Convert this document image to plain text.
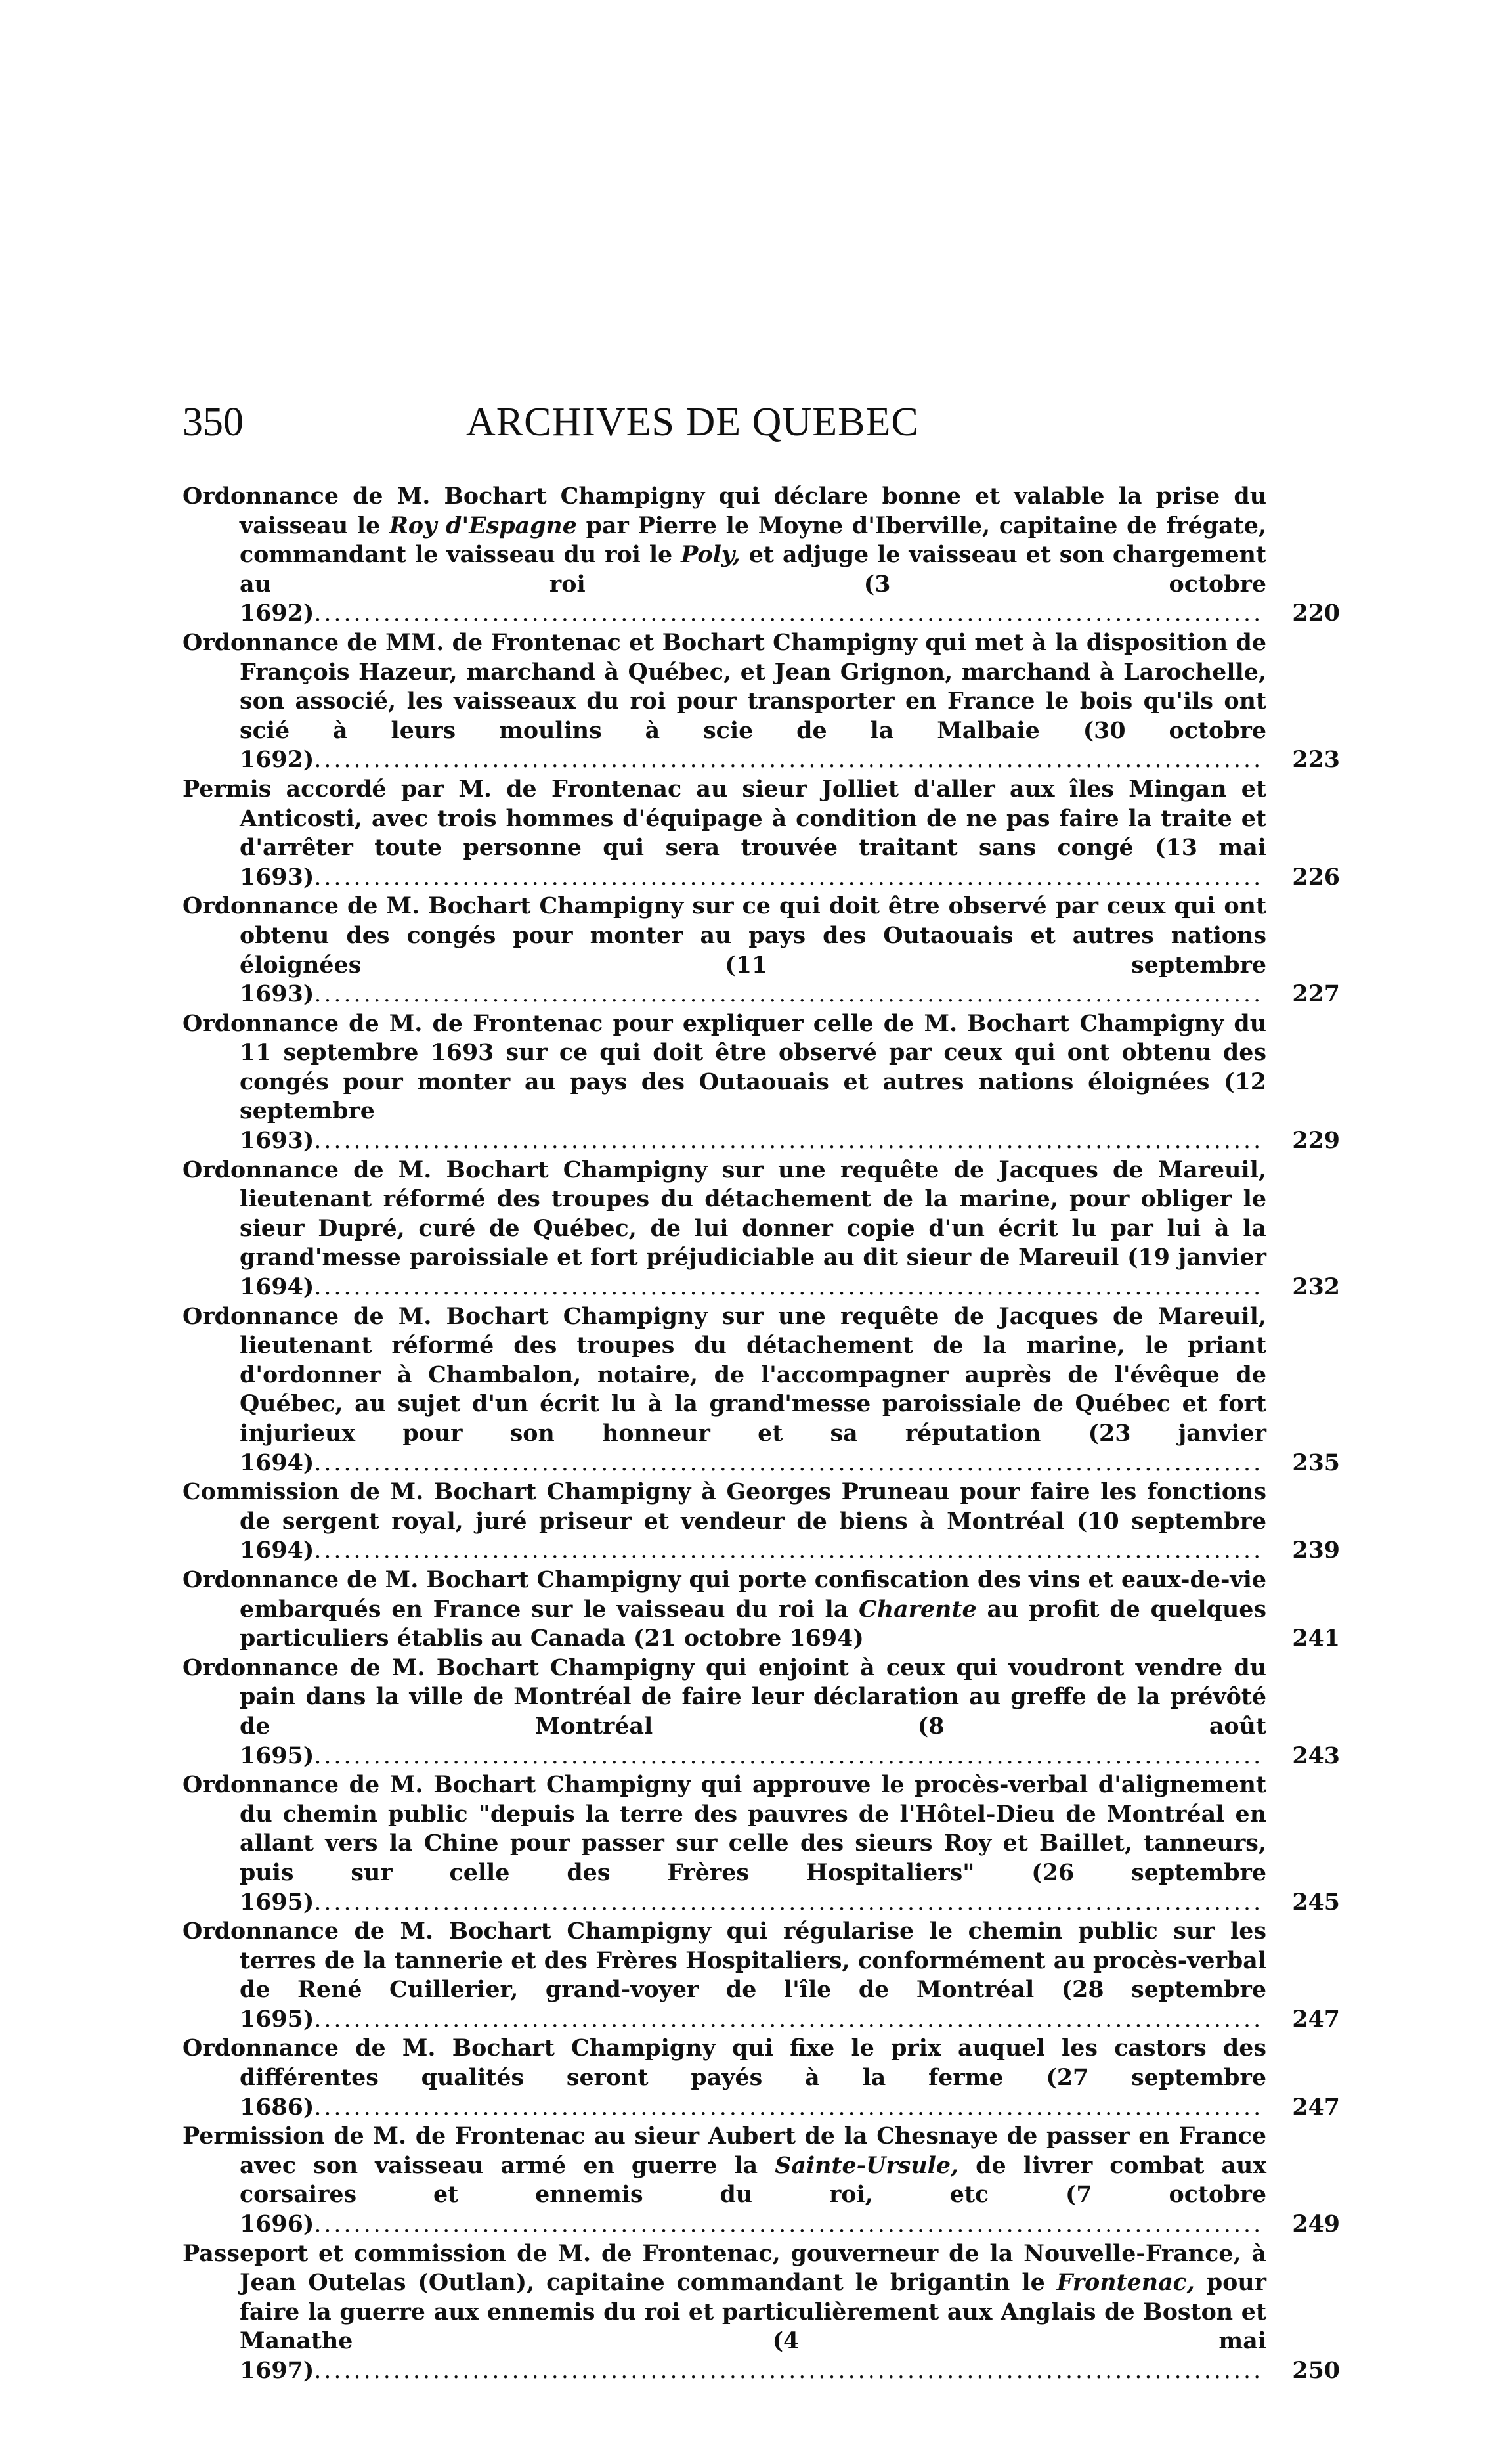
350	ARCHIVES DE QUEBEC
Ordonnance de M. Bochart Champigny qui déclare bonne et valable la prise du vaisseau le Roy d'Espagne par Pierre le Moyne d'Iberville, capitaine de frégate, commandant le vaisseau du roi le Poly, et adjuge le vaisseau et son chargement au roi (3 octobre 1692)................................................................................................	220
Ordonnance de MM. de Frontenac et Bochart Champigny qui met à la disposition de François Hazeur, marchand à Québec, et Jean Grignon, marchand à Larochelle, son associé, les vaisseaux du roi pour transporter en France le bois qu'ils ont scié à leurs moulins à scie de la Malbaie (30 octobre 1692)................................................................................................	223
Permis accordé par M. de Frontenac au sieur Jolliet d'aller aux îles Mingan et Anticosti, avec trois hommes d'équipage à condition de ne pas faire la traite et d'arrêter toute personne qui sera trouvée traitant sans congé (13 mai 1693)................................................................................................	226
Ordonnance de M. Bochart Champigny sur ce qui doit être observé par ceux qui ont obtenu des congés pour monter au pays des Outaouais et autres nations éloignées (11 septembre 1693)................................................................................................	227
Ordonnance de M. de Frontenac pour expliquer celle de M. Bochart Champigny du 11 septembre 1693 sur ce qui doit être observé par ceux qui ont obtenu des congés pour monter au pays des Outaouais et autres nations éloignées (12 septembre 1693)................................................................................................	229
Ordonnance de M. Bochart Champigny sur une requête de Jacques de Mareuil, lieutenant réformé des troupes du détachement de la marine, pour obliger le sieur Dupré, curé de Québec, de lui donner copie d'un écrit lu par lui à la grand'messe paroissiale et fort préjudiciable au dit sieur de Mareuil (19 janvier 1694)................................................................................................	232
Ordonnance de M. Bochart Champigny sur une requête de Jacques de Mareuil, lieutenant réformé des troupes du détachement de la marine, le priant d'ordonner à Chambalon, notaire, de l'accompagner auprès de l'évêque de Québec, au sujet d'un écrit lu à la grand'messe paroissiale de Québec et fort injurieux pour son honneur et sa réputation (23 janvier 1694)................................................................................................	235
Commission de M. Bochart Champigny à Georges Pruneau pour faire les fonctions de sergent royal, juré priseur et vendeur de biens à Montréal (10 septembre 1694)................................................................................................	239
Ordonnance de M. Bochart Champigny qui porte confiscation des vins et eaux-de-vie embarqués en France sur le vaisseau du roi la Charente au profit de quelques particuliers établis au Canada (21 octobre 1694)	241
Ordonnance de M. Bochart Champigny qui enjoint à ceux qui voudront vendre du pain dans la ville de Montréal de faire leur déclaration au greffe de la prévôté de Montréal (8 août 1695)................................................................................................	243
Ordonnance de M. Bochart Champigny qui approuve le procès-verbal d'alignement du chemin public "depuis la terre des pauvres de l'Hôtel-Dieu de Montréal en allant vers la Chine pour passer sur celle des sieurs Roy et Baillet, tanneurs, puis sur celle des Frères Hospitaliers" (26 septembre 1695)................................................................................................	245
Ordonnance de M. Bochart Champigny qui régularise le chemin public sur les terres de la tannerie et des Frères Hospitaliers, conformément au procès-verbal de René Cuillerier, grand-voyer de l'île de Montréal (28 septembre 1695)................................................................................................	247
Ordonnance de M. Bochart Champigny qui fixe le prix auquel les castors des différentes qualités seront payés à la ferme (27 septembre 1686)................................................................................................	247
Permission de M. de Frontenac au sieur Aubert de la Chesnaye de passer en France avec son vaisseau armé en guerre la Sainte-Ursule, de livrer combat aux corsaires et ennemis du roi, etc (7 octobre 1696)................................................................................................	249
Passeport et commission de M. de Frontenac, gouverneur de la Nouvelle-France, à Jean Outelas (Outlan), capitaine commandant le brigantin le Frontenac, pour faire la guerre aux ennemis du roi et particulièrement aux Anglais de Boston et Manathe (4 mai 1697)................................................................................................	250
